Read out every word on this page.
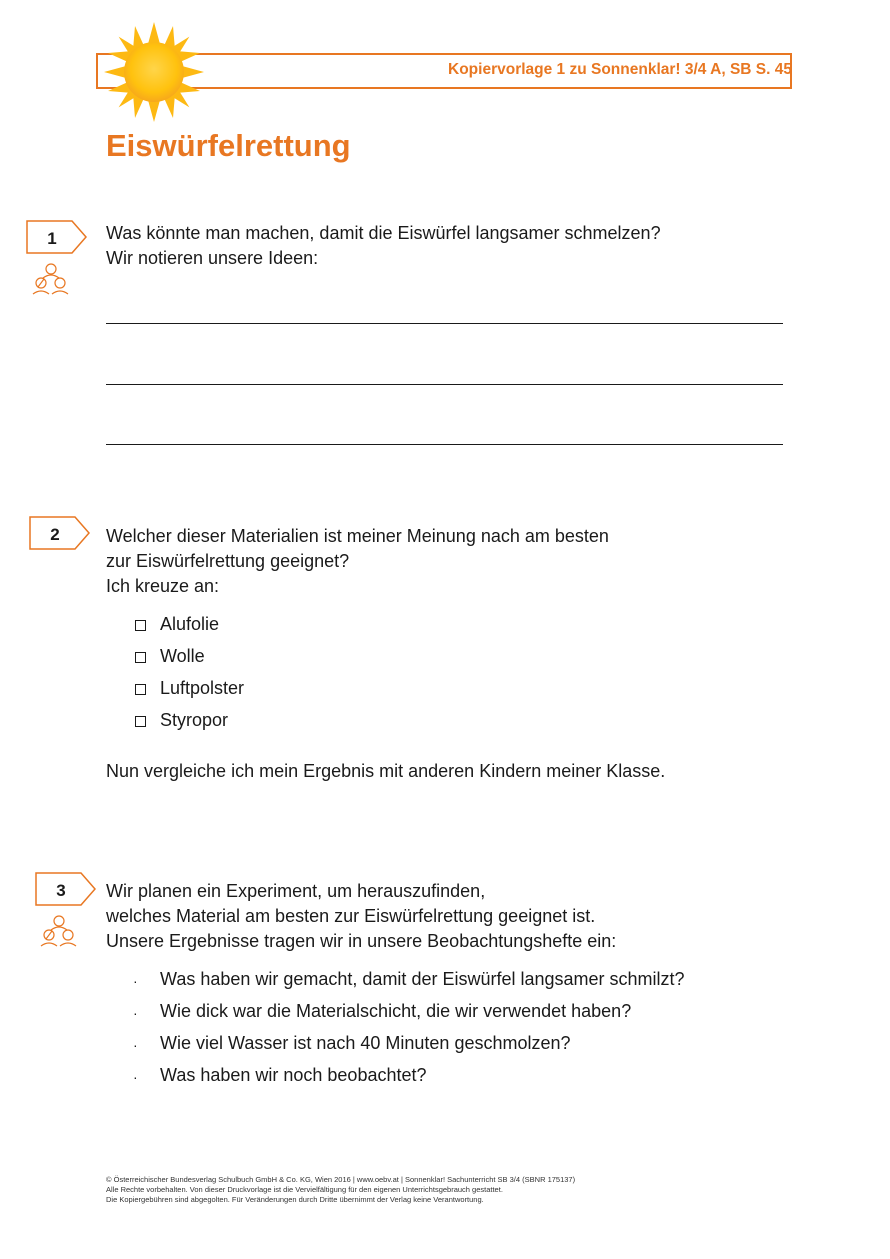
Kopiervorlage 1 zu Sonnenklar! 3/4 A, SB S. 45
Eiswürfelrettung
1	Was könnte man machen, damit die Eiswürfel langsamer schmelzen?
Wir notieren unsere Ideen:
2	Welcher dieser Materialien ist meiner Meinung nach am besten
zur Eiswürfelrettung geeignet?
Ich kreuze an:
Alufolie
Wolle
Luftpolster
Styropor
Nun vergleiche ich mein Ergebnis mit anderen Kindern meiner Klasse.
3 Wir planen ein Experiment, um herauszufinden,
welches Material am besten zur Eiswürfelrettung geeignet ist.
Unsere Ergebnisse tragen wir in unsere Beobachtungshefte ein:
· Was haben wir gemacht, damit der Eiswürfel langsamer schmilzt?
· Wie dick war die Materialschicht, die wir verwendet haben?
· Wie viel Wasser ist nach 40 Minuten geschmolzen?
· Was haben wir noch beobachtet?
© Österreichischer Bundesverlag Schulbuch GmbH & Co. KG, Wien 2016 | www.oebv.at | Sonnenklar! Sachunterricht SB 3/4 (SBNR 175137)
Alle Rechte vorbehalten. Von dieser Druckvorlage ist die Vervielfältigung für den eigenen Unterrichtsgebrauch gestattet.
Die Kopiergebühren sind abgegolten. Für Veränderungen durch Dritte übernimmt der Verlag keine Verantwortung.
